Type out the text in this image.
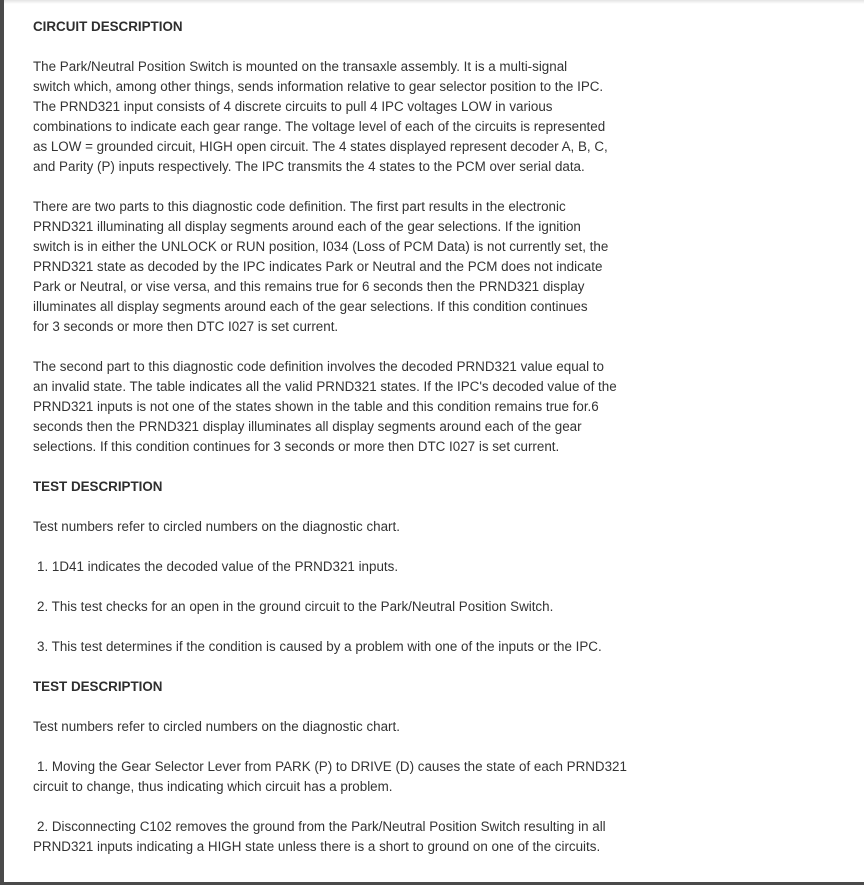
CIRCUIT DESCRIPTION
The Park/Neutral Position Switch is mounted on the transaxle assembly. It is a multi-signal
switch which, among other things, sends information relative to gear selector position to the IPC.
The PRND321 input consists of 4 discrete circuits to pull 4 IPC voltages LOW in various
combinations to indicate each gear range. The voltage level of each of the circuits is represented
as LOW = grounded circuit, HIGH open circuit. The 4 states displayed represent decoder A, B, C,
and Parity (P) inputs respectively. The IPC transmits the 4 states to the PCM over serial data.
There are two parts to this diagnostic code definition. The first part results in the electronic
PRND321 illuminating all display segments around each of the gear selections. If the ignition
switch is in either the UNLOCK or RUN position, I034 (Loss of PCM Data) is not currently set, the
PRND321 state as decoded by the IPC indicates Park or Neutral and the PCM does not indicate
Park or Neutral, or vise versa, and this remains true for 6 seconds then the PRND321 display
illuminates all display segments around each of the gear selections. If this condition continues
for 3 seconds or more then DTC I027 is set current.
The second part to this diagnostic code definition involves the decoded PRND321 value equal to
an invalid state. The table indicates all the valid PRND321 states. If the IPC's decoded value of the
PRND321 inputs is not one of the states shown in the table and this condition remains true for.6
seconds then the PRND321 display illuminates all display segments around each of the gear
selections. If this condition continues for 3 seconds or more then DTC I027 is set current.
TEST DESCRIPTION
Test numbers refer to circled numbers on the diagnostic chart.
1. 1D41 indicates the decoded value of the PRND321 inputs.
2. This test checks for an open in the ground circuit to the Park/Neutral Position Switch.
3. This test determines if the condition is caused by a problem with one of the inputs or the IPC.
TEST DESCRIPTION
Test numbers refer to circled numbers on the diagnostic chart.
1. Moving the Gear Selector Lever from PARK (P) to DRIVE (D) causes the state of each PRND321
circuit to change, thus indicating which circuit has a problem.
2. Disconnecting C102 removes the ground from the Park/Neutral Position Switch resulting in all
PRND321 inputs indicating a HIGH state unless there is a short to ground on one of the circuits.
